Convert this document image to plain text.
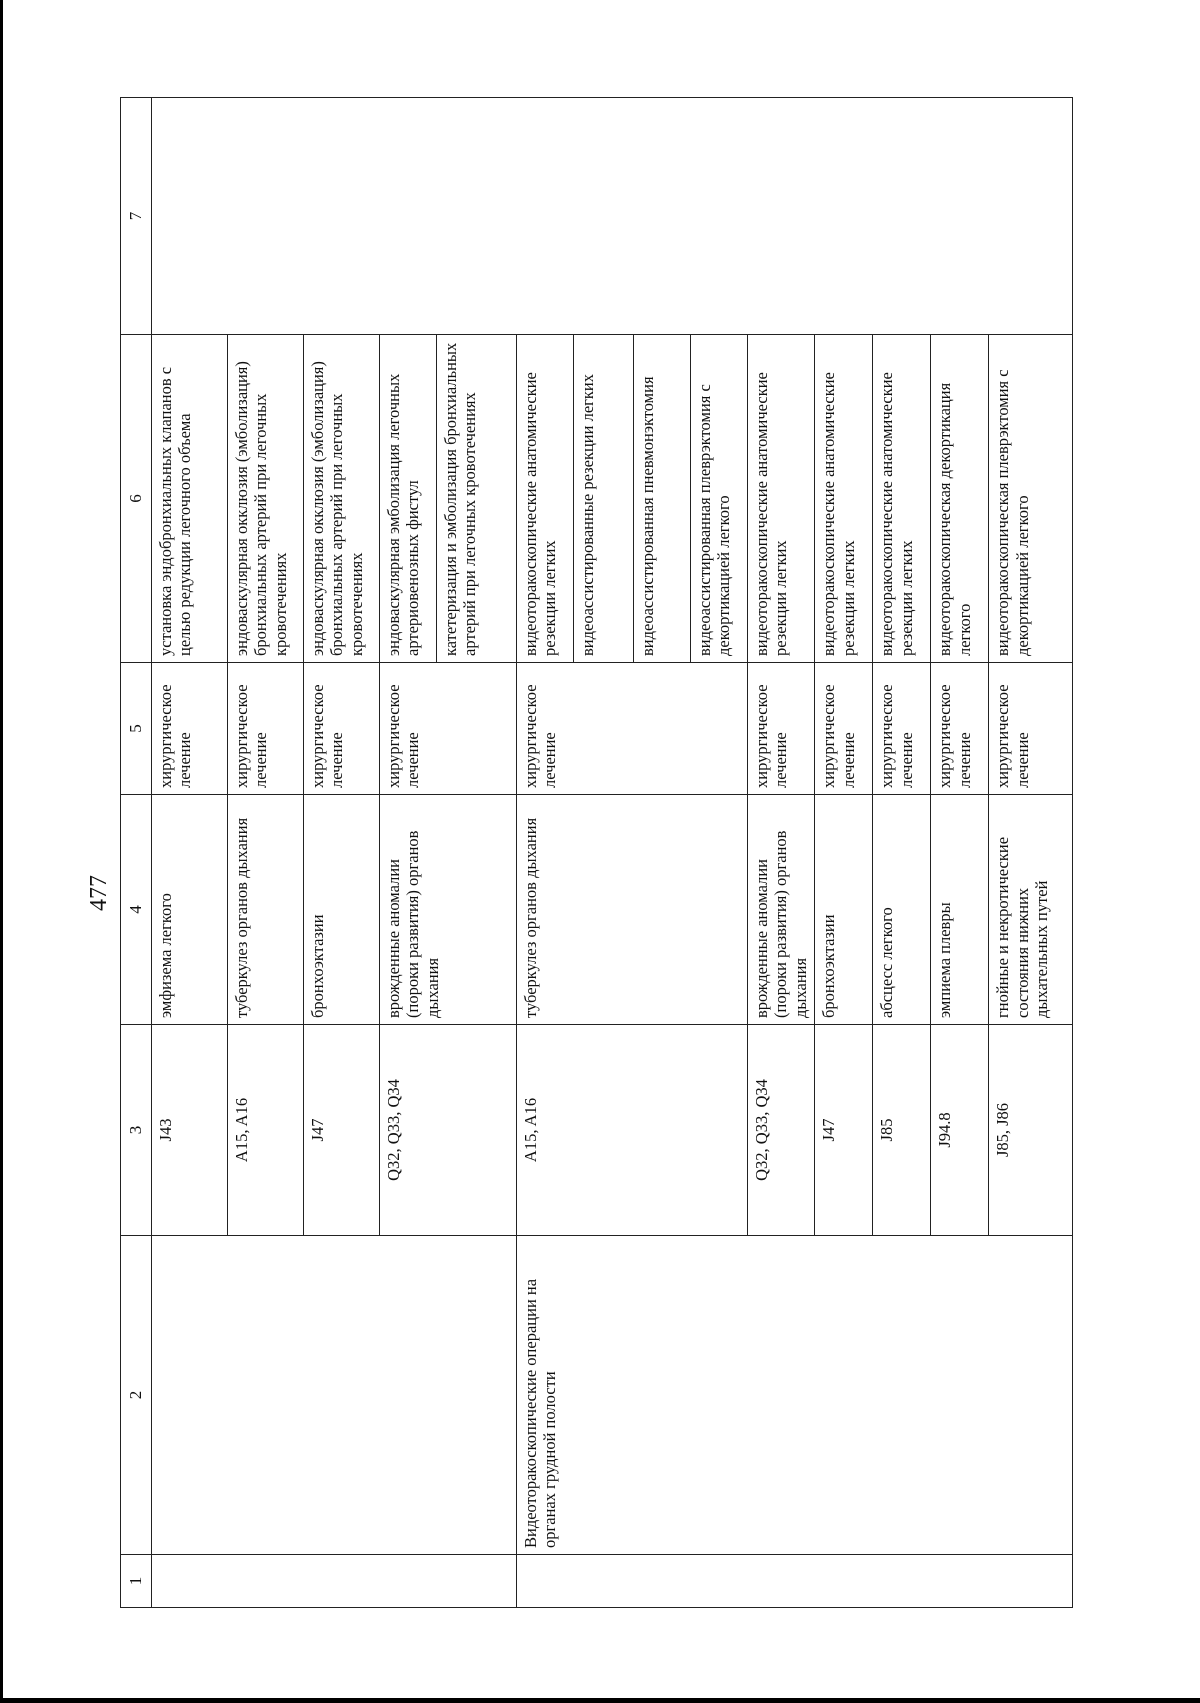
477
1	2	3	4	5	6	7
		J43	эмфизема легкого	хирургическое лечение	установка эндобронхиальных клапанов с целью редукции легочного объема	
		A15, A16	туберкулез органов дыхания	хирургическое лечение	эндоваскулярная окклюзия (эмболизация) бронхиальных артерий при легочных кровотечениях	
		J47	бронхоэктазии	хирургическое лечение	эндоваскулярная окклюзия (эмболизация) бронхиальных артерий при легочных кровотечениях	
		Q32, Q33, Q34	врожденные аномалии (пороки развития) органов дыхания	хирургическое лечение	эндоваскулярная эмболизация легочных артериовенозных фистул	
					катетеризация и эмболизация бронхиальных артерий при легочных кровотечениях	
	Видеоторакоскопические операции на органах грудной полости	A15, A16	туберкулез органов дыхания	хирургическое лечение	видеоторакоскопические анатомические резекции легких	
					видеоассистированные резекции легких	
					видеоассистированная пневмонэктомия	
					видеоассистированная плеврэктомия с декортикацией легкого	
		Q32, Q33, Q34	врожденные аномалии (пороки развития) органов дыхания	хирургическое лечение	видеоторакоскопические анатомические резекции легких	
		J47	бронхоэктазии	хирургическое лечение	видеоторакоскопические анатомические резекции легких	
		J85	абсцесс легкого	хирургическое лечение	видеоторакоскопические анатомические резекции легких	
		J94.8	эмпиема плевры	хирургическое лечение	видеоторакоскопическая декортикация легкого	
		J85, J86	гнойные и некротические состояния нижних дыхательных путей	хирургическое лечение	видеоторакоскопическая плеврэктомия с декортикацией легкого	
